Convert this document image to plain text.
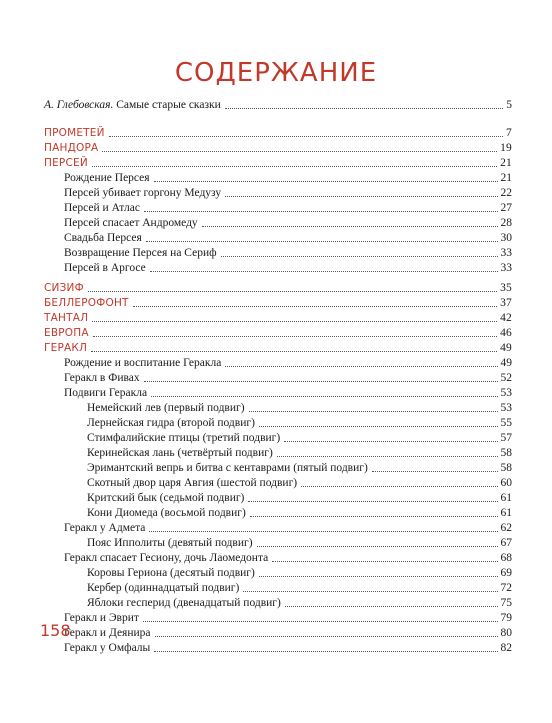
СОДЕРЖАНИЕ
А. Глебовская. Самые старые сказки	5
ПРОМЕТЕЙ	7
ПАНДОРА	19
ПЕРСЕЙ	21
Рождение Персея	21
Персей убивает горгону Медузу	22
Персей и Атлас	27
Персей спасает Андромеду	28
Свадьба Персея	30
Возвращение Персея на Сериф	33
Персей в Аргосе	33
СИЗИФ	35
БЕЛЛЕРОФОНТ	37
ТАНТАЛ	42
ЕВРОПА	46
ГЕРАКЛ	49
Рождение и воспитание Геракла	49
Геракл в Фивах	52
Подвиги Геракла	53
Немейский лев (первый подвиг)	53
Лернейская гидра (второй подвиг)	55
Стимфалийские птицы (третий подвиг)	57
Керинейская лань (четвёртый подвиг)	58
Эримантский вепрь и битва с кентаврами (пятый подвиг)	58
Скотный двор царя Авгия (шестой подвиг)	60
Критский бык (седьмой подвиг)	61
Кони Диомеда (восьмой подвиг)	61
Геракл у Адмета	62
Пояс Ипполиты (девятый подвиг)	67
Геракл спасает Гесиону, дочь Лаомедонта	68
Коровы Гериона (десятый подвиг)	69
Кербер (одиннадцатый подвиг)	72
Яблоки гесперид (двенадцатый подвиг)	75
Геракл и Эврит	79
Геракл и Деянира	80
Геракл у Омфалы	82
158
